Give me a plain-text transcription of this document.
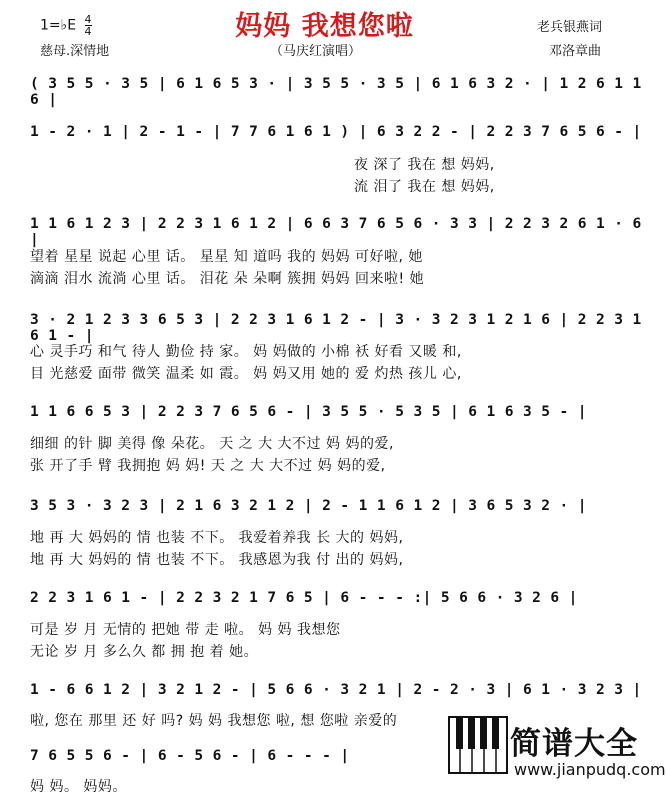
妈妈 我想您啦
1=♭E $\frac{4}{4}$
慈母.深情地	（马庆红演唱）
老兵银燕词
邓洛章曲
( 3 5 5 · 3 5 | 6 1 6 5 3 · | 3 5 5 · 3 5 | 6 1 6 3 2 · | 1 2 6 1 1 6 |
1 - 2 · 1 | 2 - 1 - | 7 7 6 1 6 1 ) | 6 3 2 2 - | 2 2 3 7 6 5 6 - |
夜 深了 我在 想 妈妈,
流 泪了 我在 想 妈妈,
1 1 6 1 2 3 | 2 2 3 1 6 1 2 | 6 6 3 7 6 5 6 · 3 3 | 2 2 3 2 6 1 · 6 |
望着 星星 说起 心里 话。 星星 知 道吗 我的 妈妈 可好啦, 她
滴滴 泪水 流淌 心里 话。 泪花 朵 朵啊 簇拥 妈妈 回来啦! 她
3 · 2 1 2 3 3 6 5 3 | 2 2 3 1 6 1 2 - | 3 · 3 2 3 1 2 1 6 | 2 2 3 1 6 1 - |
心 灵手巧 和气 待人 勤俭 持 家。 妈 妈做的 小棉 袄 好看 又暖 和,
目 光慈爱 面带 微笑 温柔 如 霞。 妈 妈又用 她的 爱 灼热 孩儿 心,
1 1 6 6 5 3 | 2 2 3 7 6 5 6 - | 3 5 5 · 5 3 5 | 6 1 6 3 5 - |
细细 的针 脚 美得 像 朵花。 天 之 大 大不过 妈 妈的爱,
张 开了手 臂 我拥抱 妈 妈! 天 之 大 大不过 妈 妈的爱,
3 5 3 · 3 2 3 | 2 1 6 3 2 1 2 | 2 - 1 1 6 1 2 | 3 6 5 3 2 · |
地 再 大 妈妈的 情 也装 不下。 我爱着养我 长 大的 妈妈,
地 再 大 妈妈的 情 也装 不下。 我感恩为我 付 出的 妈妈,
2 2 3 1 6 1 - | 2 2 3 2 1 7 6 5 | 6 - - - :| 5 6 6 · 3 2 6 |
可是 岁 月 无情的 把她 带 走 啦。 妈 妈 我想您
无论 岁 月 多么久 都 拥 抱 着 她。
1 - 6 6 1 2 | 3 2 1 2 - | 5 6 6 · 3 2 1 | 2 - 2 · 3 | 6 1 · 3 2 3 |
啦, 您在 那里 还 好 吗? 妈 妈 我想您 啦, 想 您啦 亲爱的
7 6 5 5 6 - | 6 - 5 6 - | 6 - - - |
妈 妈。 妈妈。
简谱大全
www.jianpudq.com
